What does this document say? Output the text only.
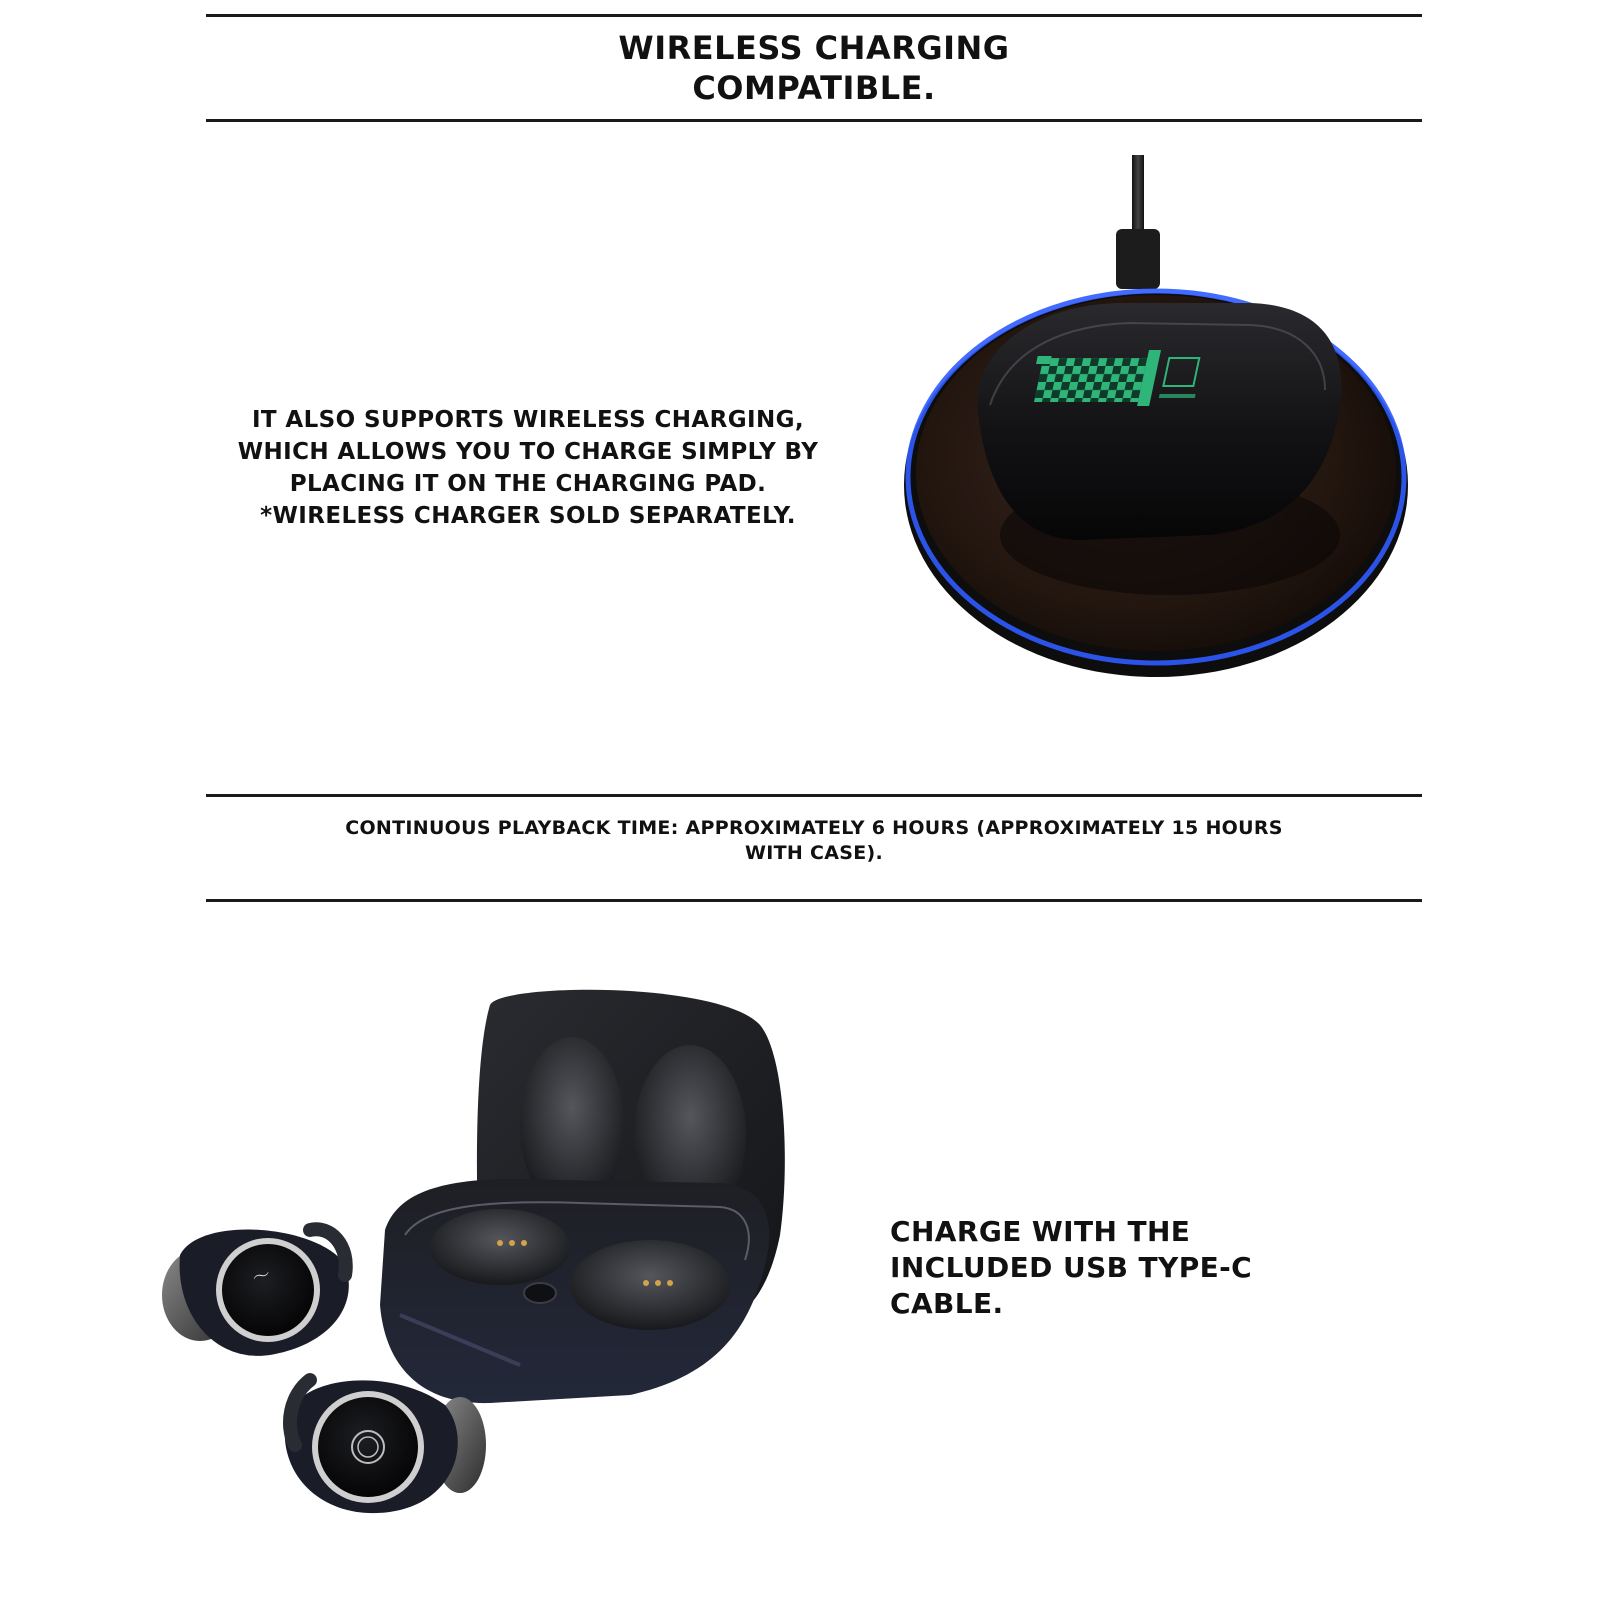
WIRELESS CHARGING
COMPATIBLE.

IT ALSO SUPPORTS WIRELESS CHARGING,
WHICH ALLOWS YOU TO CHARGE SIMPLY BY
PLACING IT ON THE CHARGING PAD.
*WIRELESS CHARGER SOLD SEPARATELY.

CONTINUOUS PLAYBACK TIME: APPROXIMATELY 6 HOURS (APPROXIMATELY 15 HOURS
WITH CASE).
〜

CHARGE WITH THE
INCLUDED USB TYPE-C
CABLE.
